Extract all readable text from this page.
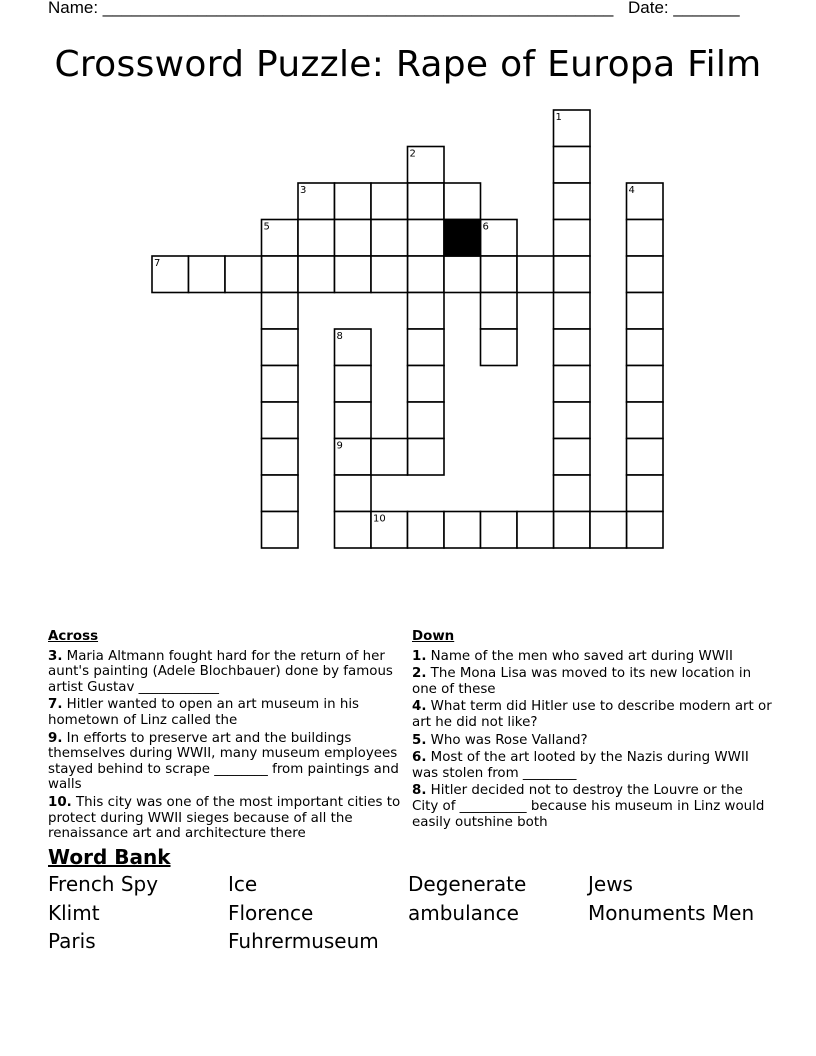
Name: ______________________________________________________ Date: _______
Crossword Puzzle: Rape of Europa Film
1
2
3	4
5	6
7
8
9
10
Across
3. Maria Altmann fought hard for the return of her aunt's painting (Adele Blochbauer) done by famous artist Gustav ____________
7. Hitler wanted to open an art museum in his hometown of Linz called the
9. In efforts to preserve art and the buildings themselves during WWII, many museum employees stayed behind to scrape ________ from paintings and walls
10. This city was one of the most important cities to protect during WWII sieges because of all the renaissance art and architecture there
Down
1. Name of the men who saved art during WWII
2. The Mona Lisa was moved to its new location in one of these
4. What term did Hitler use to describe modern art or art he did not like?
5. Who was Rose Valland?
6. Most of the art looted by the Nazis during WWII was stolen from ________
8. Hitler decided not to destroy the Louvre or the City of __________ because his museum in Linz would easily outshine both
Word Bank
French Spy	Ice	Degenerate	Jews
Klimt	Florence	ambulance	Monuments Men
Paris	Fuhrermuseum
